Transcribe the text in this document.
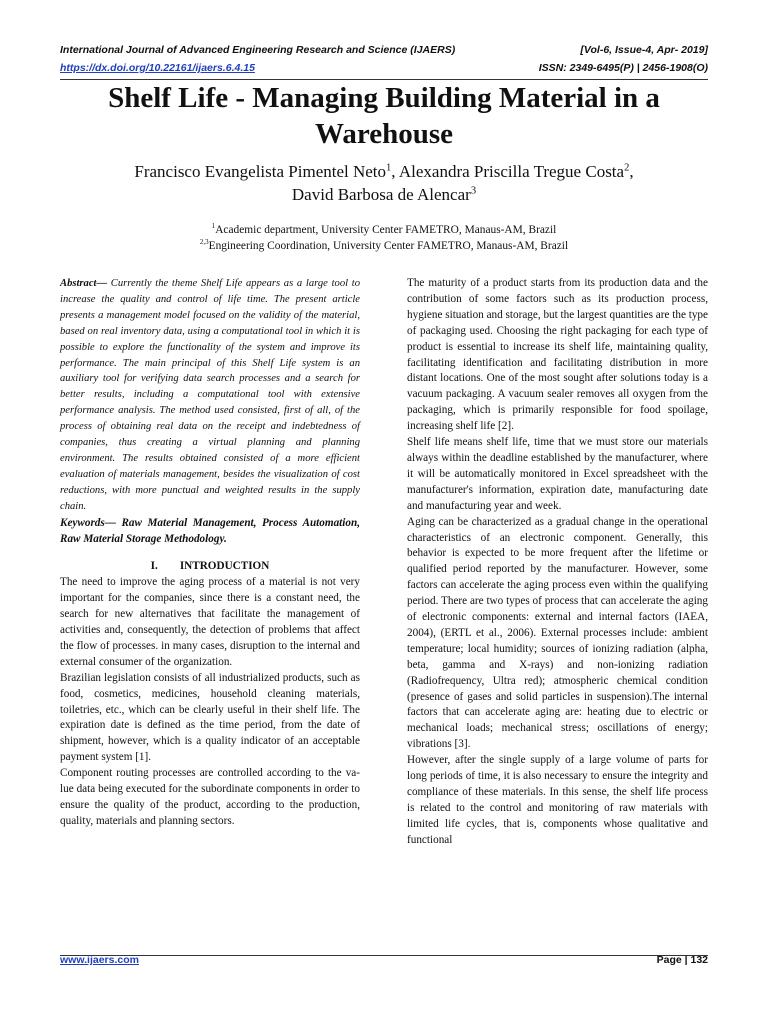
International Journal of Advanced Engineering Research and Science (IJAERS)	[Vol-6, Issue-4, Apr- 2019]
https://dx.doi.org/10.22161/ijaers.6.4.15	ISSN: 2349-6495(P) | 2456-1908(O)
Shelf Life - Managing Building Material in a
Warehouse
Francisco Evangelista Pimentel Neto$^1$, Alexandra Priscilla Tregue Costa$^2$,
David Barbosa de Alencar$^3$
$^1$Academic department, University Center FAMETRO, Manaus-AM, Brazil
$^{2,3}$Engineering Coordination, University Center FAMETRO, Manaus-AM, Brazil

Abstract— Currently the theme Shelf Life appears as a large tool to increase the quality and control of life time. The present article presents a management model focused on the validity of the material, based on real inventory data, using a computational tool in which it is possible to explore the functionality of the system and improve its performance. The main principal of this Shelf Life system is an auxiliary tool for verifying data search processes and a search for better results, including a computational tool with extensive performance analysis. The method used consisted, first of all, of the process of obtaining real data on the receipt and indebtedness of companies, thus creating a virtual planning and planning environment. The results obtained consisted of a more efficient evaluation of materials management, besides the visualization of cost reductions, with more punctual and weighted results in the supply chain.

Keywords— Raw Material Management, Process Automation, Raw Material Storage Methodology.

I. INTRODUCTION

The need to improve the aging process of a material is not very important for the companies, since there is a constant need, the search for new alternatives that facilitate the management of activities and, consequently, the detection of problems that affect the flow of processes. in many cases, disruption to the internal and external consumer of the organization.

Brazilian legislation consists of all industrialized products, such as food, cosmetics, medicines, household cleaning materials, toiletries, etc., which can be clearly useful in their shelf life. The expiration date is defined as the time period, from the date of shipment, however, which is a quality indicator of an acceptable payment system [1].

Component routing processes are controlled according to the va- lue data being executed for the subordinate components in order to ensure the quality of the product, according to the production, quality, materials and planning sectors.

The maturity of a product starts from its production data and the contribution of some factors such as its production process, hygiene situation and storage, but the largest quantities are the type of packaging used. Choosing the right packaging for each type of product is essential to increase its shelf life, maintaining quality, facilitating identification and facilitating distribution in more distant locations. One of the most sought after solutions today is a vacuum packaging. A vacuum sealer removes all oxygen from the packaging, which is primarily responsible for food spoilage, increasing shelf life [2].

Shelf life means shelf life, time that we must store our materials always within the deadline established by the manufacturer, where it will be automatically monitored in Excel spreadsheet with the manufacturer's information, expiration date, manufacturing date and manufacturing year and week.

Aging can be characterized as a gradual change in the operational characteristics of an electronic component. Generally, this behavior is expected to be more frequent after the lifetime or qualified period reported by the manufacturer. However, some factors can accelerate the aging process even within the qualifying period. There are two types of process that can accelerate the aging of electronic components: external and internal factors (IAEA, 2004), (ERTL et al., 2006). External processes include: ambient temperature; local humidity; sources of ionizing radiation (alpha, beta, gamma and X-rays) and non-ionizing radiation (Radiofrequency, Ultra red); atmospheric chemical condition (presence of gases and solid particles in suspension).The internal factors that can accelerate aging are: heating due to electric or mechanical loads; mechanical stress; oscillations of energy; vibrations [3].

However, after the single supply of a large volume of parts for long periods of time, it is also necessary to ensure the integrity and compliance of these materials. In this sense, the shelf life process is related to the control and monitoring of raw materials with limited life cycles, that is, components whose qualitative and functional

www.ijaers.com	Page | 132
